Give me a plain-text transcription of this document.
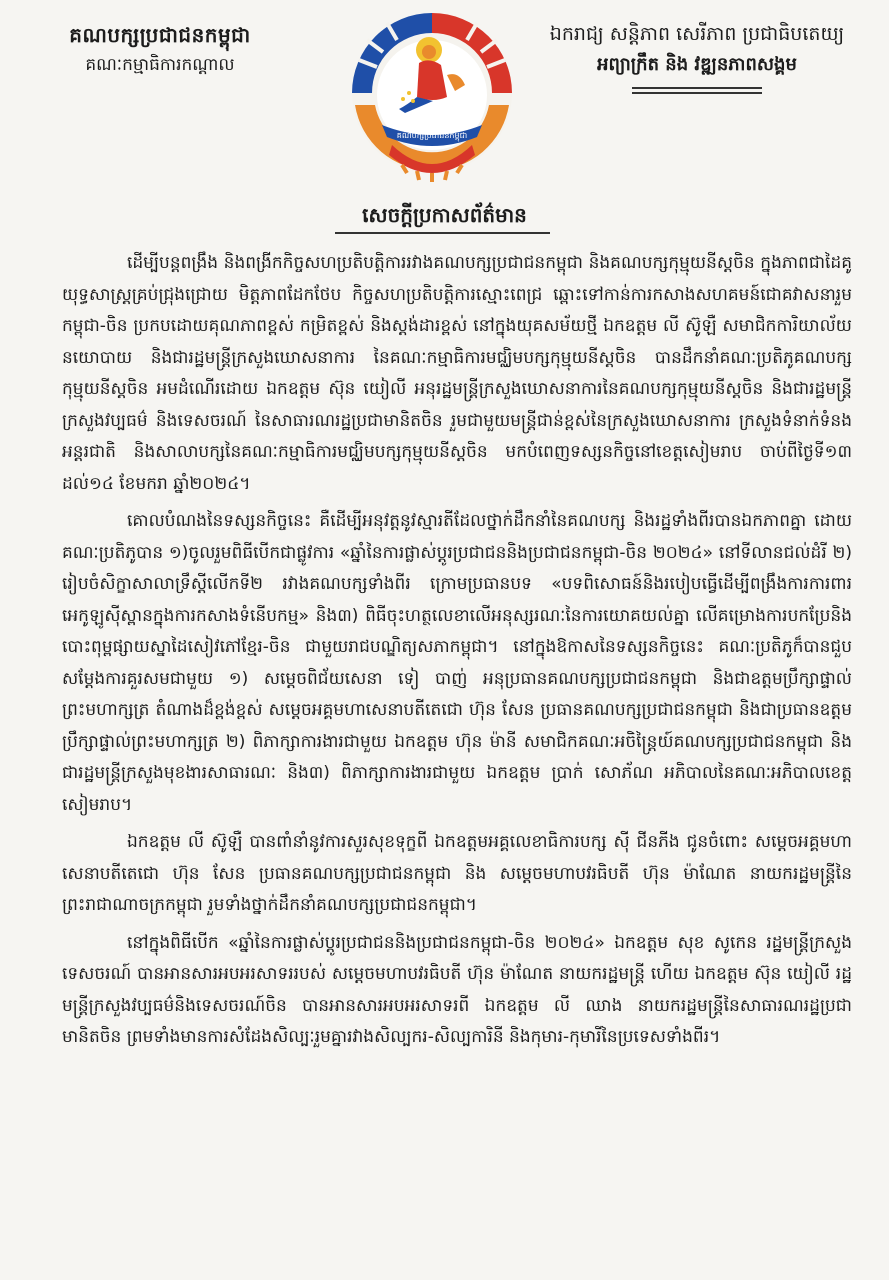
គណបក្សប្រជាជនកម្ពុជា
គណៈកម្មាធិការកណ្តាល
គណបក្សប្រជាជនកម្ពុជា
ឯករាជ្យ សន្តិភាព សេរីភាព ប្រជាធិបតេយ្យ
អព្យាក្រឹត និង វឌ្ឍនភាពសង្គម
សេចក្តីប្រកាសព័ត៌មាន

ដើម្បីបន្តពង្រឹង និងពង្រីកកិច្ចសហប្រតិបត្តិការរវាងគណបក្សប្រជាជនកម្ពុជា និងគណបក្សកុម្មុយនីស្តចិន ក្នុងភាពជាដៃគូយុទ្ធសាស្ត្រគ្រប់ជ្រុងជ្រោយ មិត្តភាពដែកថែប កិច្ចសហប្រតិបត្តិការស្មោះពេជ្រ ឆ្ពោះទៅកាន់ការកសាងសហគមន៍ជោគវាសនារួមកម្ពុជា-ចិន ប្រកបដោយគុណភាពខ្ពស់ កម្រិតខ្ពស់ និងស្តង់ដារខ្ពស់ នៅក្នុងយុគសម័យថ្មី ឯកឧត្តម លី ស៊ូឡឺ សមាជិកការិយាល័យនយោបាយ និងជារដ្ឋមន្ត្រីក្រសួងឃោសនាការ នៃគណៈកម្មាធិការមជ្ឈិមបក្សកុម្មុយនីស្តចិន បានដឹកនាំគណៈប្រតិភូគណបក្សកុម្មុយនីស្តចិន អមដំណើរដោយ ឯកឧត្តម ស៊ុន យៀលី អនុរដ្ឋមន្ត្រីក្រសួងឃោសនាការនៃគណបក្សកុម្មុយនីស្តចិន និងជារដ្ឋមន្ត្រីក្រសួងវប្បធម៌ និងទេសចរណ៍ នៃសាធារណរដ្ឋប្រជាមានិតចិន រួមជាមួយមន្ត្រីជាន់ខ្ពស់នៃក្រសួងឃោសនាការ ក្រសួងទំនាក់ទំនងអន្តរជាតិ និងសាលាបក្សនៃគណៈកម្មាធិការមជ្ឈិមបក្សកុម្មុយនីស្តចិន មកបំពេញទស្សនកិច្ចនៅខេត្តសៀមរាប ចាប់ពីថ្ងៃទី១៣ ដល់១៤ ខែមករា ឆ្នាំ២០២៤។

គោលបំណងនៃទស្សនកិច្ចនេះ គឺដើម្បីអនុវត្តនូវស្មារតីដែលថ្នាក់ដឹកនាំនៃគណបក្ស និងរដ្ឋទាំងពីរបានឯកភាពគ្នា ដោយគណៈប្រតិភូបាន ១)ចូលរួមពិធីបើកជាផ្លូវការ «ឆ្នាំនៃការផ្លាស់ប្តូរប្រជាជននិងប្រជាជនកម្ពុជា-ចិន ២០២៤» នៅទីលានជល់ដំរី ២) រៀបចំសិក្ខាសាលាទ្រឹស្តីលើកទី២ រវាងគណបក្សទាំងពីរ ក្រោមប្រធានបទ «បទពិសោធន៍និងរបៀបធ្វើដើម្បីពង្រឹងការការពារអេកូឡូស៊ីស្ពានក្នុងការកសាងទំនើបកម្ម» និង៣) ពិធីចុះហត្ថលេខាលើអនុស្សរណៈនៃការយោគយល់គ្នា លើគម្រោងការបកប្រែនិងបោះពុម្ពផ្សាយស្នាដៃសៀវភៅខ្មែរ-ចិន ជាមួយរាជបណ្ឌិត្យសភាកម្ពុជា។ នៅក្នុងឱកាសនៃទស្សនកិច្ចនេះ គណៈប្រតិភូក៏បានជួបសម្តែងការគួរសមជាមួយ ១) សម្តេចពិជ័យសេនា ទៀ បាញ់ អនុប្រធានគណបក្សប្រជាជនកម្ពុជា និងជាឧត្តមប្រឹក្សាផ្ទាល់ព្រះមហាក្សត្រ តំណាងដ៏ខ្ពង់ខ្ពស់ សម្តេចអគ្គមហាសេនាបតីតេជោ ហ៊ុន សែន ប្រធានគណបក្សប្រជាជនកម្ពុជា និងជាប្រធានឧត្តមប្រឹក្សាផ្ទាល់ព្រះមហាក្សត្រ ២) ពិភាក្សាការងារជាមួយ ឯកឧត្តម ហ៊ុន ម៉ានី សមាជិកគណៈអចិន្ត្រៃយ៍គណបក្សប្រជាជនកម្ពុជា និងជារដ្ឋមន្ត្រីក្រសួងមុខងារសាធារណៈ និង៣) ពិភាក្សាការងារជាមួយ ឯកឧត្តម ប្រាក់ សោភ័ណ អភិបាលនៃគណៈអភិបាលខេត្តសៀមរាប។

ឯកឧត្តម លី ស៊ូឡឺ បានពាំនាំនូវការសួរសុខទុក្ខពី ឯកឧត្តមអគ្គលេខាធិការបក្ស ស៊ី ជីនភីង ជូនចំពោះ សម្តេចអគ្គមហាសេនាបតីតេជោ ហ៊ុន សែន ប្រធានគណបក្សប្រជាជនកម្ពុជា និង សម្តេចមហាបវរធិបតី ហ៊ុន ម៉ាណែត នាយករដ្ឋមន្ត្រីនៃព្រះរាជាណាចក្រកម្ពុជា រួមទាំងថ្នាក់ដឹកនាំគណបក្សប្រជាជនកម្ពុជា។

នៅក្នុងពិធីបើក «ឆ្នាំនៃការផ្លាស់ប្តូរប្រជាជននិងប្រជាជនកម្ពុជា-ចិន ២០២៤» ឯកឧត្តម សុខ សូកេន រដ្ឋមន្ត្រីក្រសួងទេសចរណ៍ បានអានសារអបអរសាទររបស់ សម្តេចមហាបវរធិបតី ហ៊ុន ម៉ាណែត នាយករដ្ឋមន្ត្រី ហើយ ឯកឧត្តម ស៊ុន យៀលី រដ្ឋមន្ត្រីក្រសួងវប្បធម៌និងទេសចរណ៍ចិន បានអានសារអបអរសាទរពី ឯកឧត្តម លី ឈាង នាយករដ្ឋមន្ត្រីនៃសាធារណរដ្ឋប្រជាមានិតចិន ព្រមទាំងមានការសំដែងសិល្បៈរួមគ្នារវាងសិល្បករ-សិល្បការិនី និងកុមារ-កុមារីនៃប្រទេសទាំងពីរ។
